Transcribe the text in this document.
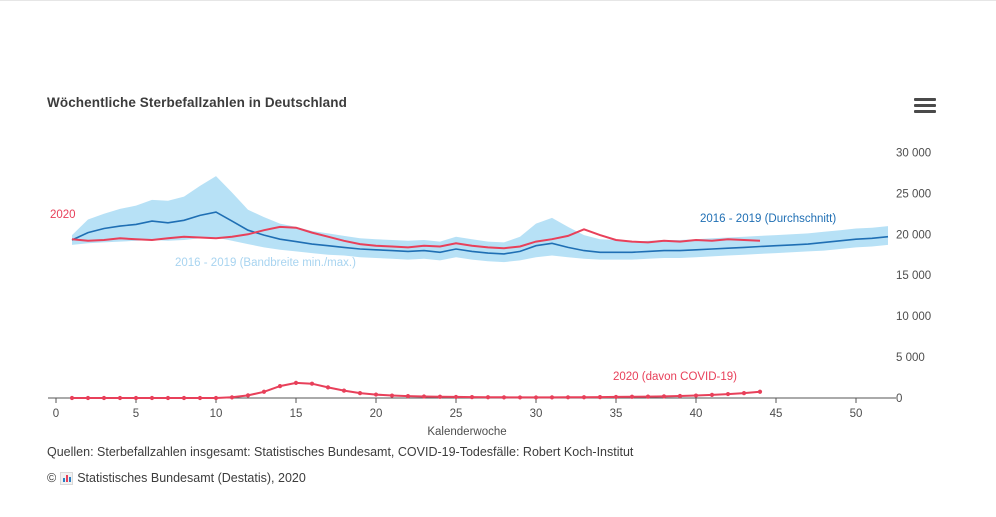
Wöchentliche Sterbefallzahlen in Deutschland
0
5 000
10 000
15 000
20 000
25 000
30 000
0	5	10	15	20	25	30	35	40	45	50
Kalenderwoche
2020	2016 - 2019 (Durchschnitt)
2016 - 2019 (Bandbreite min./max.)
2020 (davon COVID-19)
Quellen: Sterbefallzahlen insgesamt: Statistisches Bundesamt, COVID-19-Todesfälle: Robert Koch-Institut
© Statistisches Bundesamt (Destatis), 2020
